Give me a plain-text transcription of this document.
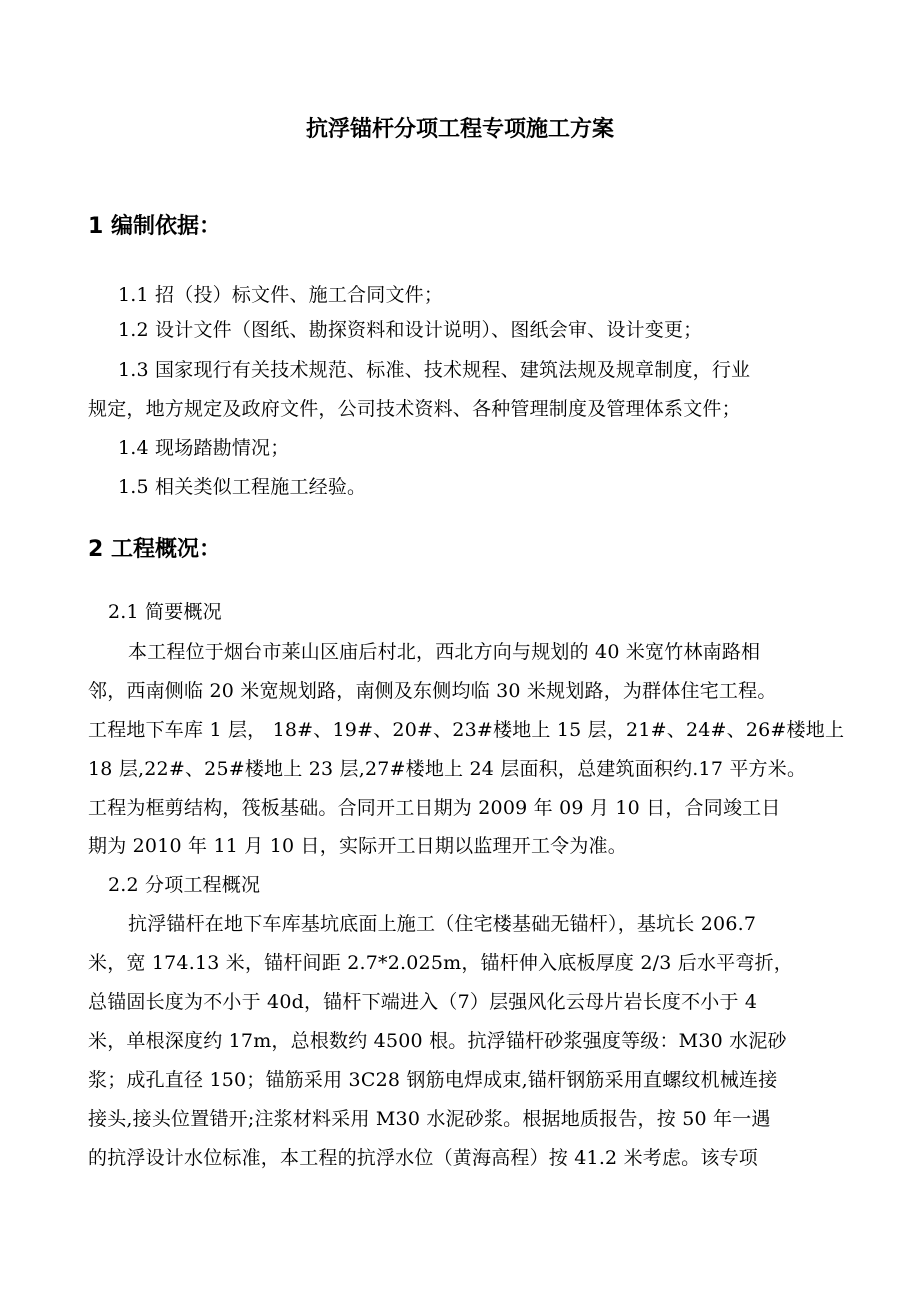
抗浮锚杆分项工程专项施工方案
1 编制依据：
1.1 招（投）标文件、施工合同文件；
1.2 设计文件（图纸、勘探资料和设计说明）、图纸会审、设计变更；
1.3 国家现行有关技术规范、标准、技术规程、建筑法规及规章制度，行业
规定，地方规定及政府文件，公司技术资料、各种管理制度及管理体系文件；
1.4 现场踏勘情况；
1.5 相关类似工程施工经验。
2 工程概况：
2.1 简要概况
本工程位于烟台市莱山区庙后村北，西北方向与规划的 40 米宽竹林南路相
邻，西南侧临 20 米宽规划路，南侧及东侧均临 30 米规划路，为群体住宅工程。
工程地下车库 1 层， 18#、19#、20#、23#楼地上 15 层，21#、24#、26#楼地上
18 层,22#、25#楼地上 23 层,27#楼地上 24 层面积，总建筑面积约.17 平方米。
工程为框剪结构，筏板基础。合同开工日期为 2009 年 09 月 10 日，合同竣工日
期为 2010 年 11 月 10 日，实际开工日期以监理开工令为准。
2.2 分项工程概况
抗浮锚杆在地下车库基坑底面上施工（住宅楼基础无锚杆），基坑长 206.7
米，宽 174.13 米，锚杆间距 2.7*2.025m，锚杆伸入底板厚度 2/3 后水平弯折，
总锚固长度为不小于 40d，锚杆下端进入（7）层强风化云母片岩长度不小于 4
米，单根深度约 17m，总根数约 4500 根。抗浮锚杆砂浆强度等级：M30 水泥砂
浆；成孔直径 150；锚筋采用 3C28 钢筋电焊成束,锚杆钢筋采用直螺纹机械连接
接头,接头位置错开;注浆材料采用 M30 水泥砂浆。根据地质报告，按 50 年一遇
的抗浮设计水位标准，本工程的抗浮水位（黄海高程）按 41.2 米考虑。该专项
